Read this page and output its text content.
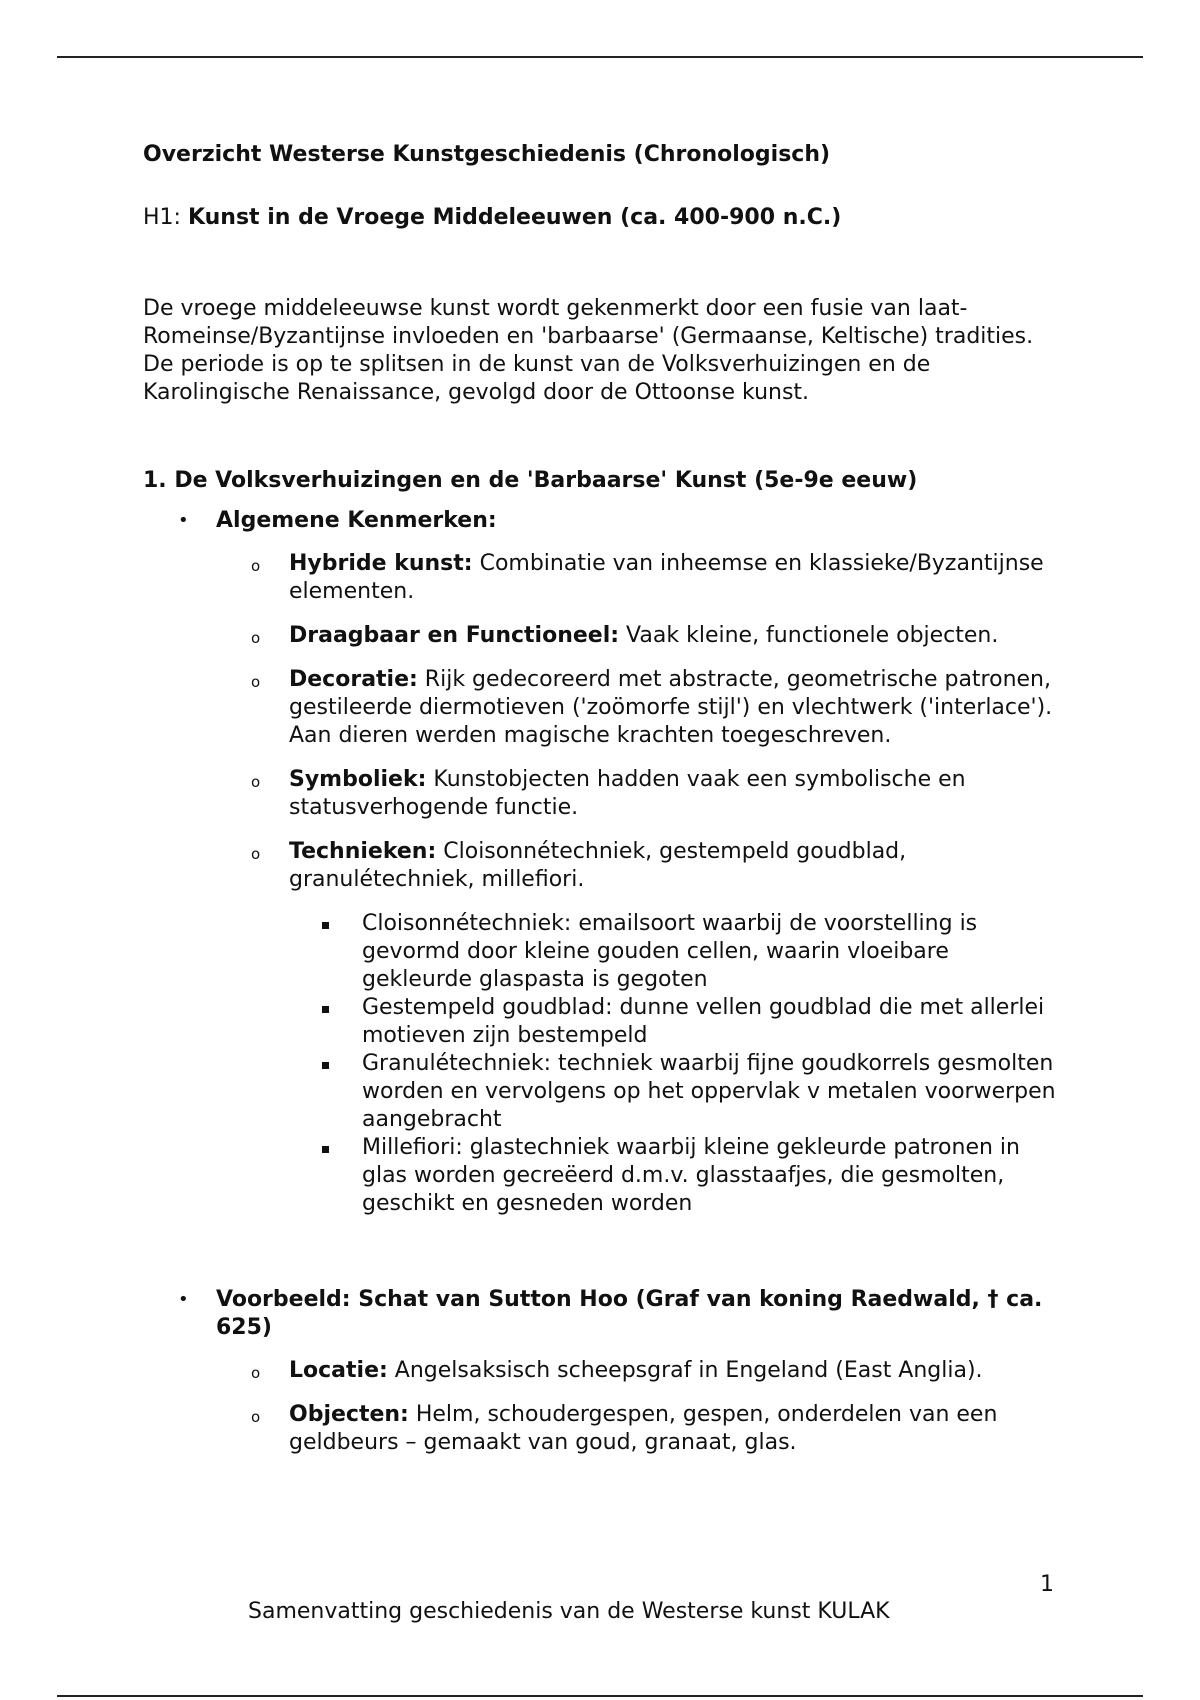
Overzicht Westerse Kunstgeschiedenis (Chronologisch)

H1: Kunst in de Vroege Middeleeuwen (ca. 400-900 n.C.)

De vroege middeleeuwse kunst wordt gekenmerkt door een fusie van laat-Romeinse/Byzantijnse invloeden en 'barbaarse' (Germaanse, Keltische) tradities. De periode is op te splitsen in de kunst van de Volksverhuizingen en de Karolingische Renaissance, gevolgd door de Ottoonse kunst.

1. De Volksverhuizingen en de 'Barbaarse' Kunst (5e-9e eeuw)

• Algemene Kenmerken:
o Hybride kunst: Combinatie van inheemse en klassieke/Byzantijnse elementen.
o Draagbaar en Functioneel: Vaak kleine, functionele objecten.
o Decoratie: Rijk gedecoreerd met abstracte, geometrische patronen, gestileerde diermotieven ('zoömorfe stijl') en vlechtwerk ('interlace'). Aan dieren werden magische krachten toegeschreven.
o Symboliek: Kunstobjecten hadden vaak een symbolische en statusverhogende functie.
o Technieken: Cloisonnétechniek, gestempeld goudblad, granulétechniek, millefiori.
Cloisonnétechniek: emailsoort waarbij de voorstelling is gevormd door kleine gouden cellen, waarin vloeibare gekleurde glaspasta is gegoten
Gestempeld goudblad: dunne vellen goudblad die met allerlei motieven zijn bestempeld
Granulétechniek: techniek waarbij fijne goudkorrels gesmolten worden en vervolgens op het oppervlak v metalen voorwerpen aangebracht
Millefiori: glastechniek waarbij kleine gekleurde patronen in glas worden gecreëerd d.m.v. glasstaafjes, die gesmolten, geschikt en gesneden worden
• Voorbeeld: Schat van Sutton Hoo (Graf van koning Raedwald, † ca. 625)
o Locatie: Angelsaksisch scheepsgraf in Engeland (East Anglia).
o Objecten: Helm, schoudergespen, gespen, onderdelen van een geldbeurs – gemaakt van goud, granaat, glas.
1
Samenvatting geschiedenis van de Westerse kunst KULAK
